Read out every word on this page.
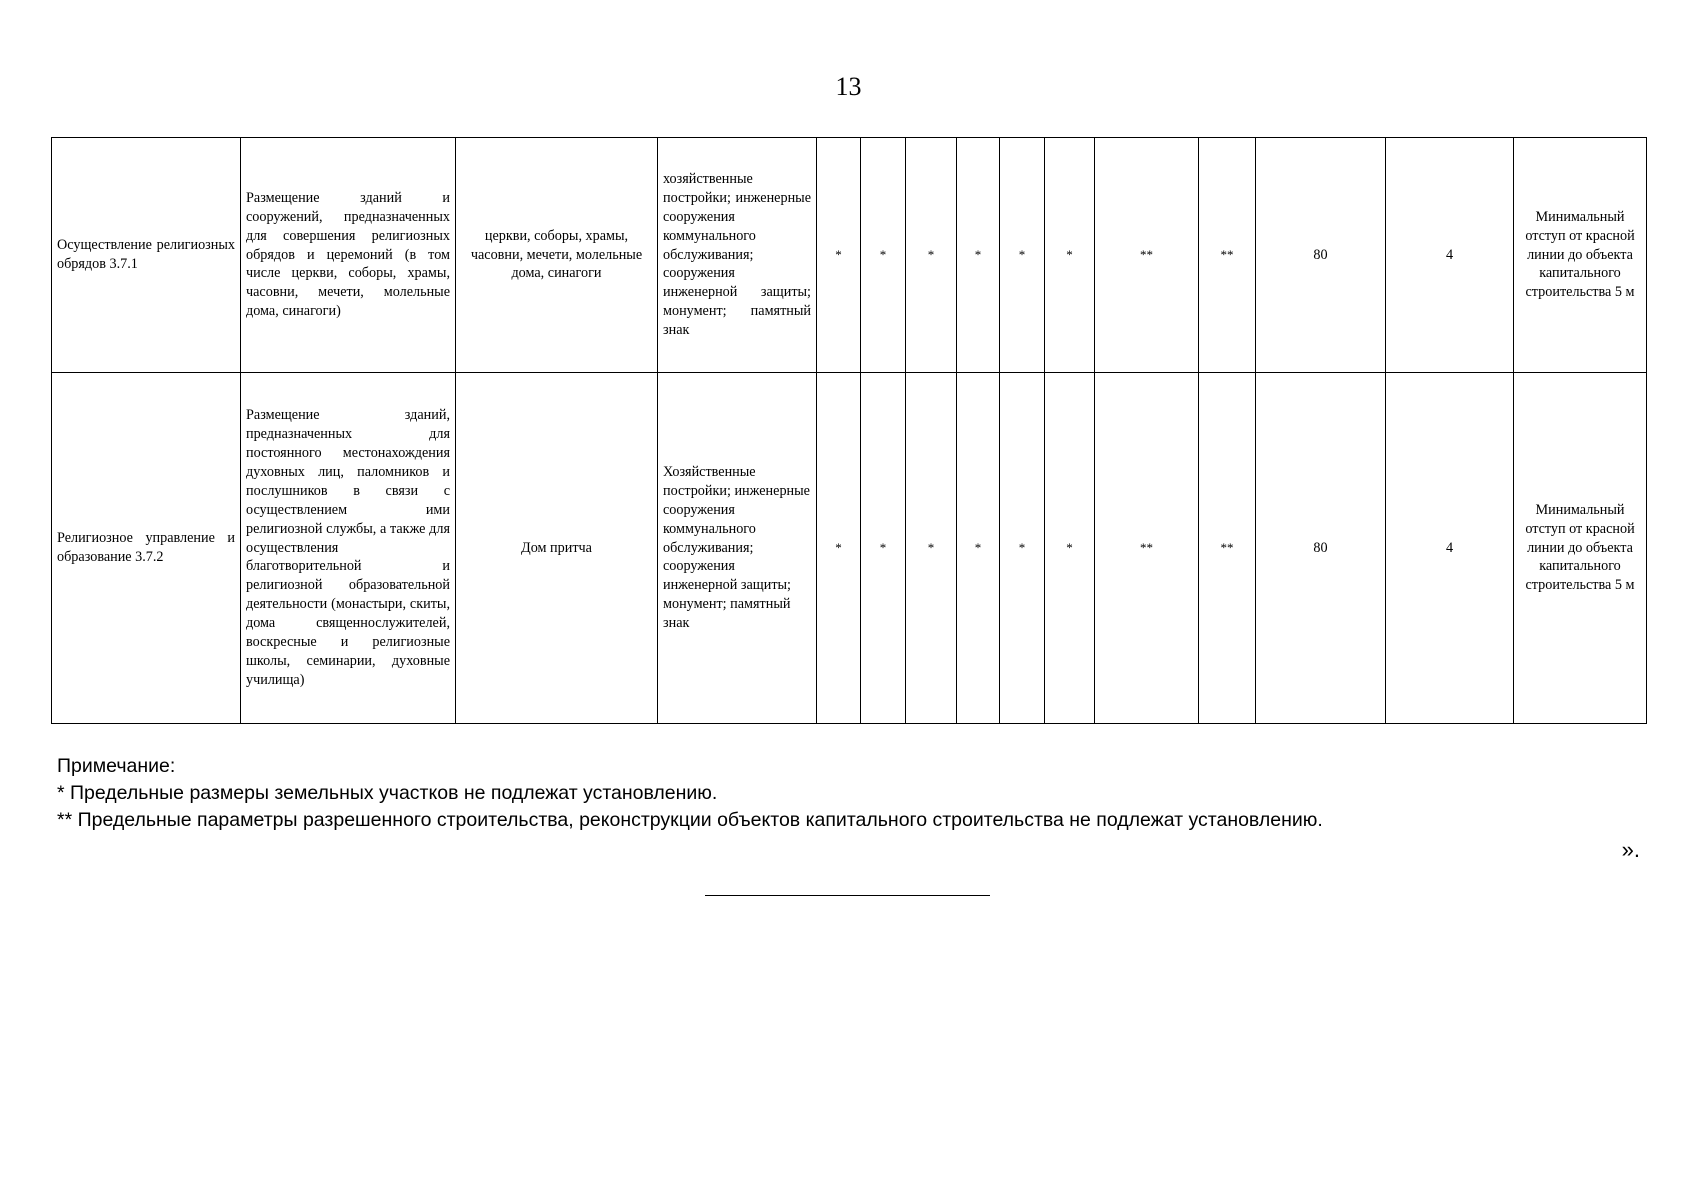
13
Осуществление религиозных обрядов 3.7.1	Размещение зданий и сооружений, предназначенных для совершения религиозных обрядов и церемоний (в том числе церкви, соборы, храмы, часовни, мечети, молельные дома, синагоги)	церкви, соборы, храмы, часовни, мечети, молельные дома, синагоги	хозяйственные постройки; инженерные сооружения коммунального обслуживания; сооружения инженерной защиты; монумент; памятный знак	*	*	*	*	*	*	**	**	80	4	Минимальный отступ от красной линии до объекта капитального строительства 5 м
Религиозное управление и образование 3.7.2	Размещение зданий, предназначенных для постоянного местонахождения духовных лиц, паломников и послушников в связи с осуществлением ими религиозной службы, а также для осуществления благотворительной и религиозной образовательной деятельности (монастыри, скиты, дома священнослужителей, воскресные и религиозные школы, семинарии, духовные училища)	Дом притча	Хозяйственные постройки; инженерные сооружения коммунального обслуживания; сооружения инженерной защиты; монумент; памятный знак	*	*	*	*	*	*	**	**	80	4	Минимальный отступ от красной линии до объекта капитального строительства 5 м
Примечание:
* Предельные размеры земельных участков не подлежат установлению.
** Предельные параметры разрешенного строительства, реконструкции объектов капитального строительства не подлежат установлению.
».
